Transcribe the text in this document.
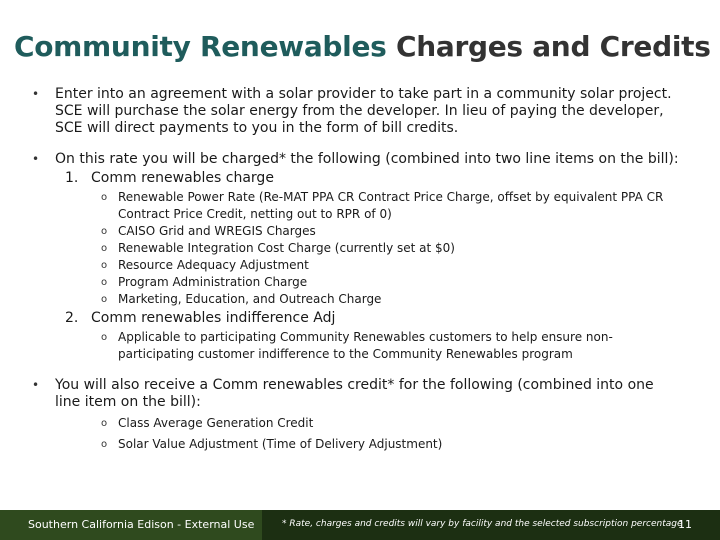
Community Renewables Charges and Credits
• Enter into an agreement with a solar provider to take part in a community solar project. SCE will purchase the solar energy from the developer. In lieu of paying the developer, SCE will direct payments to you in the form of bill credits.
• On this rate you will be charged* the following (combined into two line items on the bill):
1. Comm renewables charge
o Renewable Power Rate (Re-MAT PPA CR Contract Price Charge, offset by equivalent PPA CR Contract Price Credit, netting out to RPR of 0)
o CAISO Grid and WREGIS Charges
o Renewable Integration Cost Charge (currently set at $0)
o Resource Adequacy Adjustment
o Program Administration Charge
o Marketing, Education, and Outreach Charge
2. Comm renewables indifference Adj
o Applicable to participating Community Renewables customers to help ensure non-participating customer indifference to the Community Renewables program
• You will also receive a Comm renewables credit* for the following (combined into one line item on the bill):
o Class Average Generation Credit
o Solar Value Adjustment (Time of Delivery Adjustment)
Southern California Edison - External Use	* Rate, charges and credits will vary by facility and the selected subscription percentage
11
